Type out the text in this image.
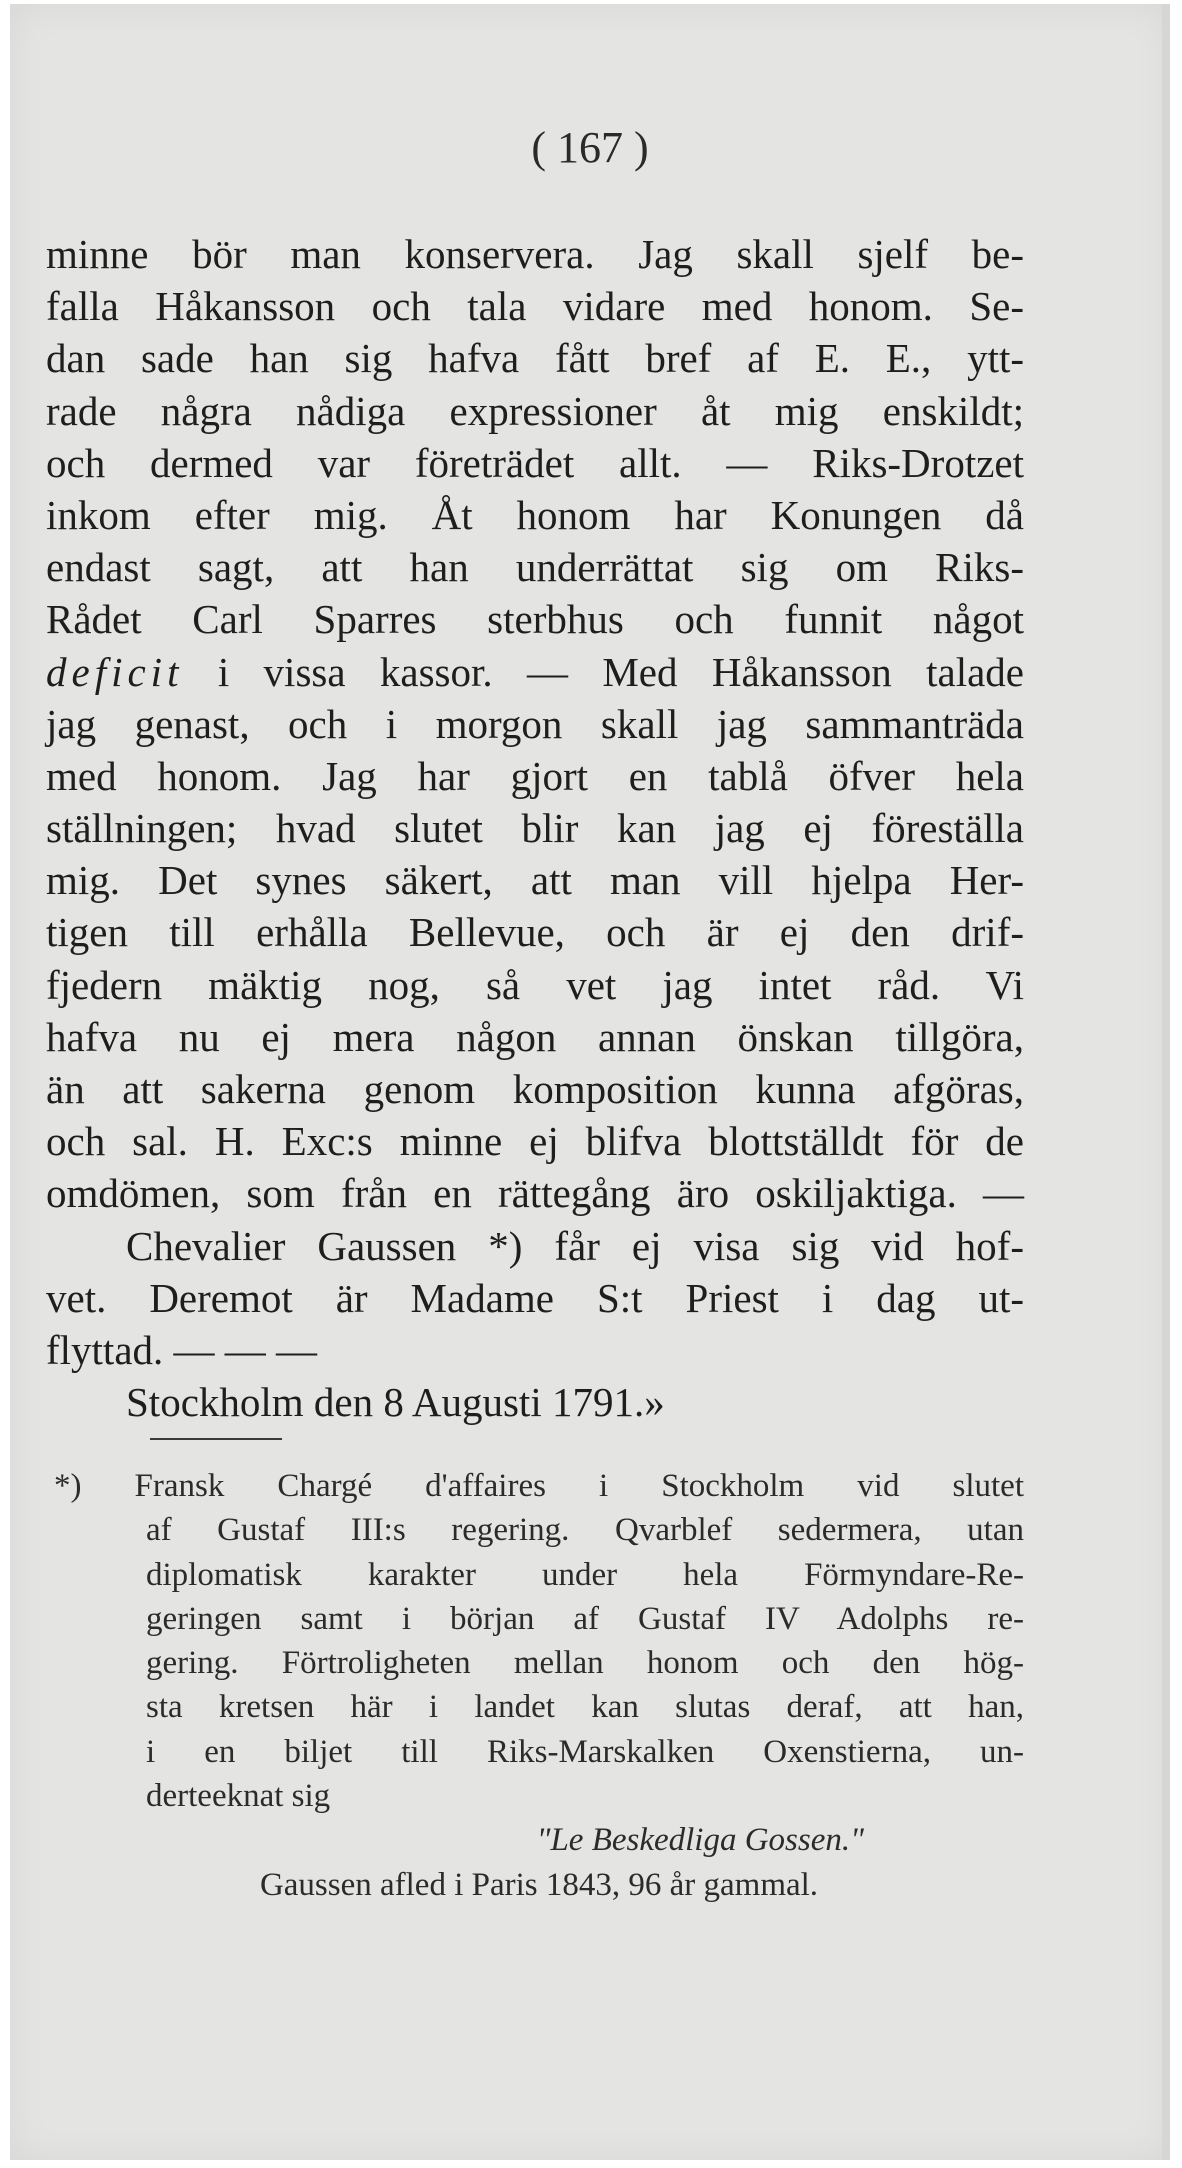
( 167 )
minne bör man konservera. Jag skall sjelf be-
falla Håkansson och tala vidare med honom. Se-
dan sade han sig hafva fått bref af E. E., ytt-
rade några nådiga expressioner åt mig enskildt;
och dermed var företrädet allt. — Riks-Drotzet
inkom efter mig. Åt honom har Konungen då
endast sagt, att han underrättat sig om Riks-
Rådet Carl Sparres sterbhus och funnit något
deficit i vissa kassor. — Med Håkansson talade
jag genast, och i morgon skall jag sammanträda
med honom. Jag har gjort en tablå öfver hela
ställningen; hvad slutet blir kan jag ej föreställa
mig. Det synes säkert, att man vill hjelpa Her-
tigen till erhålla Bellevue, och är ej den drif-
fjedern mäktig nog, så vet jag intet råd. Vi
hafva nu ej mera någon annan önskan tillgöra,
än att sakerna genom komposition kunna afgöras,
och sal. H. Exc:s minne ej blifva blottställdt för de
omdömen, som från en rättegång äro oskiljaktiga. —
Chevalier Gaussen *) får ej visa sig vid hof-
vet. Deremot är Madame S:t Priest i dag ut-
flyttad. — — —
Stockholm den 8 Augusti 1791.»
*) Fransk Chargé d'affaires i Stockholm vid slutet
af Gustaf III:s regering. Qvarblef sedermera, utan
diplomatisk karakter under hela Förmyndare-Re-
geringen samt i början af Gustaf IV Adolphs re-
gering. Förtroligheten mellan honom och den hög-
sta kretsen här i landet kan slutas deraf, att han,
i en biljet till Riks-Marskalken Oxenstierna, un-
derteeknat sig
"Le Beskedliga Gossen."
Gaussen afled i Paris 1843, 96 år gammal.
